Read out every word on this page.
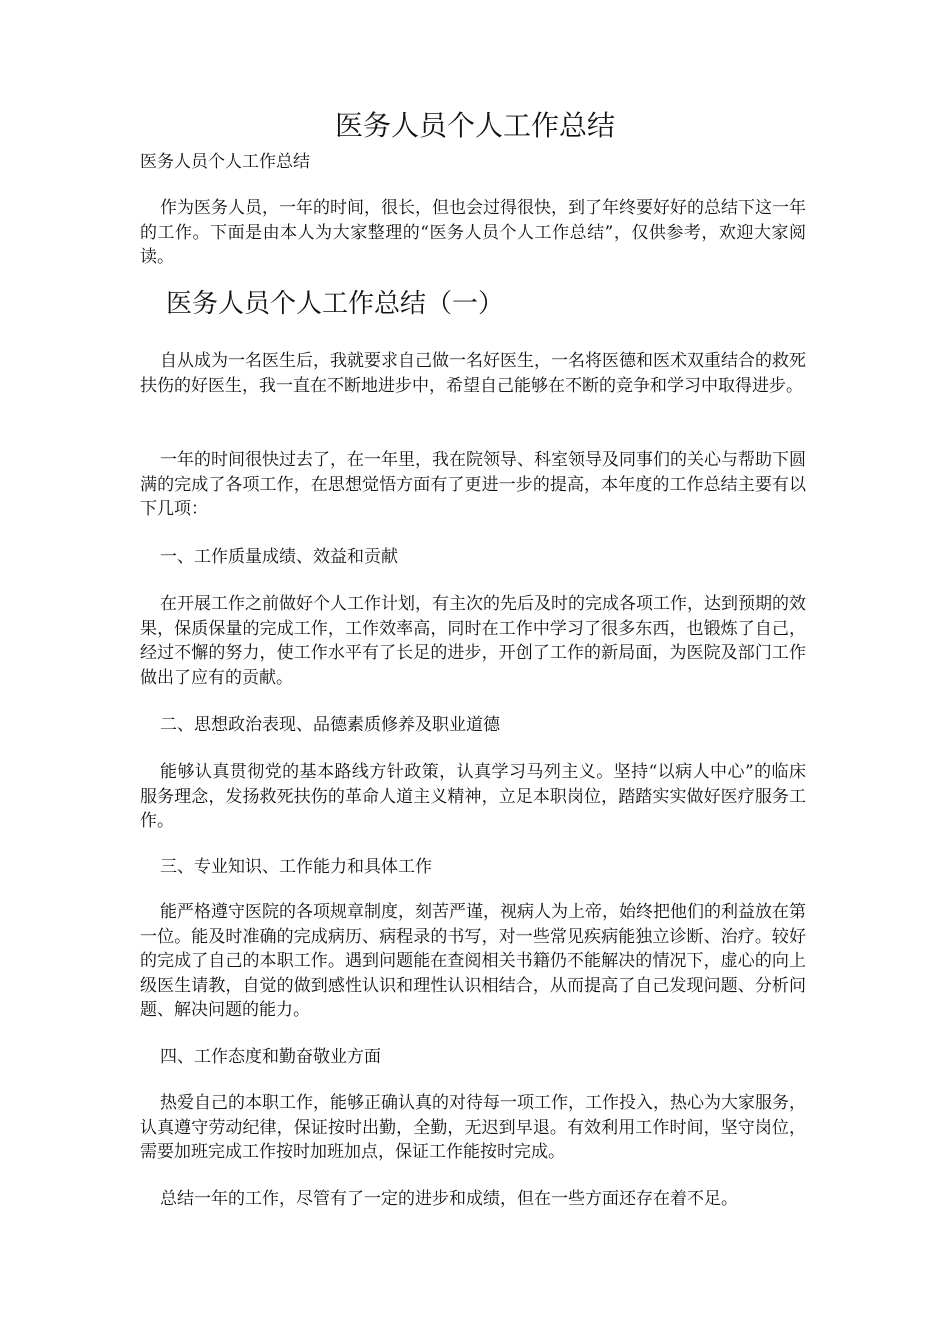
医务人员个人工作总结

医务人员个人工作总结

作为医务人员，一年的时间，很长，但也会过得很快，到了年终要好好的总结下这一年的工作。下面是由本人为大家整理的“医务人员个人工作总结”，仅供参考，欢迎大家阅读。

医务人员个人工作总结（一）

自从成为一名医生后，我就要求自己做一名好医生，一名将医德和医术双重结合的救死扶伤的好医生，我一直在不断地进步中，希望自己能够在不断的竞争和学习中取得进步。

一年的时间很快过去了，在一年里，我在院领导、科室领导及同事们的关心与帮助下圆满的完成了各项工作，在思想觉悟方面有了更进一步的提高，本年度的工作总结主要有以下几项：

一、工作质量成绩、效益和贡献

在开展工作之前做好个人工作计划，有主次的先后及时的完成各项工作，达到预期的效果，保质保量的完成工作，工作效率高，同时在工作中学习了很多东西，也锻炼了自己，经过不懈的努力，使工作水平有了长足的进步，开创了工作的新局面，为医院及部门工作做出了应有的贡献。

二、思想政治表现、品德素质修养及职业道德

能够认真贯彻党的基本路线方针政策，认真学习马列主义。坚持“以病人中心”的临床服务理念，发扬救死扶伤的革命人道主义精神，立足本职岗位，踏踏实实做好医疗服务工作。

三、专业知识、工作能力和具体工作

能严格遵守医院的各项规章制度，刻苦严谨，视病人为上帝，始终把他们的利益放在第一位。能及时准确的完成病历、病程录的书写，对一些常见疾病能独立诊断、治疗。较好的完成了自己的本职工作。遇到问题能在查阅相关书籍仍不能解决的情况下，虚心的向上级医生请教，自觉的做到感性认识和理性认识相结合，从而提高了自己发现问题、分析问题、解决问题的能力。

四、工作态度和勤奋敬业方面

热爱自己的本职工作，能够正确认真的对待每一项工作，工作投入，热心为大家服务，认真遵守劳动纪律，保证按时出勤，全勤，无迟到早退。有效利用工作时间，坚守岗位，需要加班完成工作按时加班加点，保证工作能按时完成。

总结一年的工作，尽管有了一定的进步和成绩，但在一些方面还存在着不足。
